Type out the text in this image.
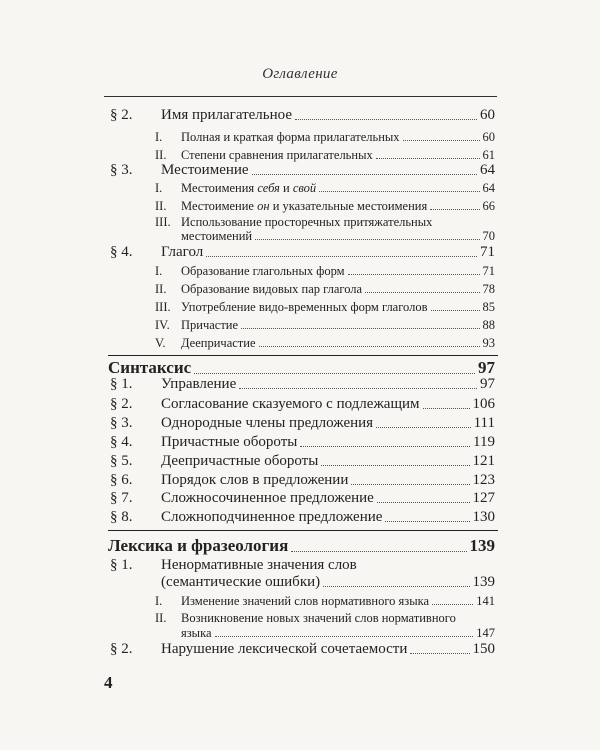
Оглавление
§ 2.	Имя прилагательное	60
I.	Полная и краткая форма прилагательных	60
II.	Степени сравнения прилагательных	61
§ 3.	Местоимение	64
I.	Местоимения себя и свой	64
II.	Местоимение он и указательные местоимения	66
III. Использование просторечных притяжательных
местоимений	70
§ 4.	Глагол	71
I.	Образование глагольных форм	71
II.	Образование видовых пар глагола	78
III. Употребление видо-временных форм глаголов	85
IV. Причастие	88
V.	Деепричастие	93
Синтаксис	97
§ 1.	Управление	97
§ 2.	Согласование сказуемого с подлежащим	106
§ 3.	Однородные члены предложения	111
§ 4.	Причастные обороты	119
§ 5.	Деепричастные обороты	121
§ 6.	Порядок слов в предложении	123
§ 7.	Сложносочиненное предложение	127
§ 8.	Сложноподчиненное предложение	130
Лексика и фразеология	139
§ 1.	Ненормативные значения слов
(семантические ошибки)	139
I.	Изменение значений слов нормативного языка	141
II.	Возникновение новых значений слов нормативного
языка	147
§ 2.	Нарушение лексической сочетаемости	150
4
